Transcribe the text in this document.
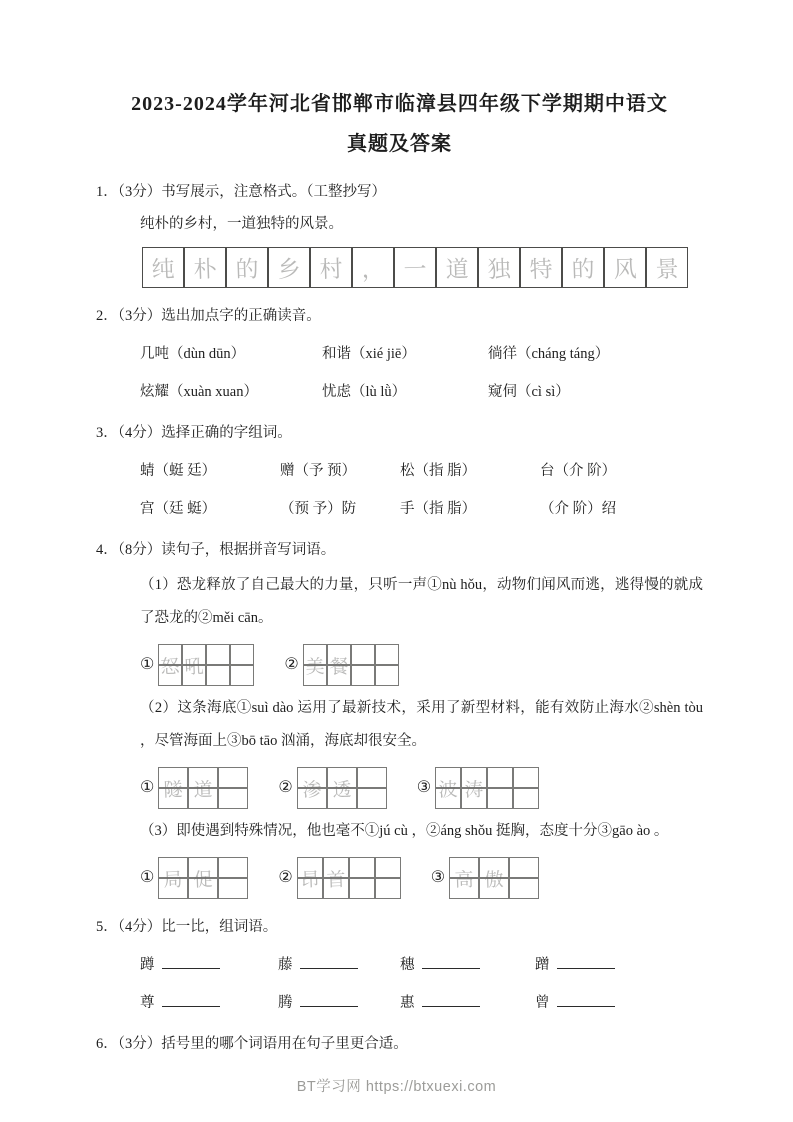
2023-2024学年河北省邯郸市临漳县四年级下学期期中语文
真题及答案
1．（3分）书写展示，注意格式。（工整抄写）
纯朴的乡村，一道独特的风景。
纯 朴 的 乡 村 ， 一 道 独 特 的 风 景
2．（3分）选出加点字的正确读音。
几吨（dùn dūn）	和谐（xié jiē）	徜徉（cháng táng）
炫耀（xuàn xuan）	忧虑（lù lǜ）	窥伺（cì sì）
3．（4分）选择正确的字组词。
蜻（蜓 廷）	赠（予 预）	松（指 脂）	台（介 阶）
宫（廷 蜓）	（预 予）防	手（指 脂）	（介 阶）绍
4．（8分）读句子，根据拼音写词语。
（1）恐龙释放了自己最大的力量，只听一声①nù hǒu，动物们闻风而逃，逃得慢的就成了恐龙的②měi cān。
① 怒 吼	② 美 餐
（2）这条海底①suì dào 运用了最新技术，采用了新型材料，能有效防止海水②shèn tòu ，尽管海面上③bō tāo 汹涌，海底却很安全。
① 隧 道	② 渗 透	③ 波 涛
（3）即使遇到特殊情况，他也毫不①jú cù ，②áng shǒu 挺胸，态度十分③gāo ào 。
① 局 促	② 昂 首	③ 高 傲
5．（4分）比一比，组词语。
蹲	藤	穗	蹭
尊	腾	惠	曾
6．（3分）括号里的哪个词语用在句子里更合适。
BT学习网 https://btxuexi.com
